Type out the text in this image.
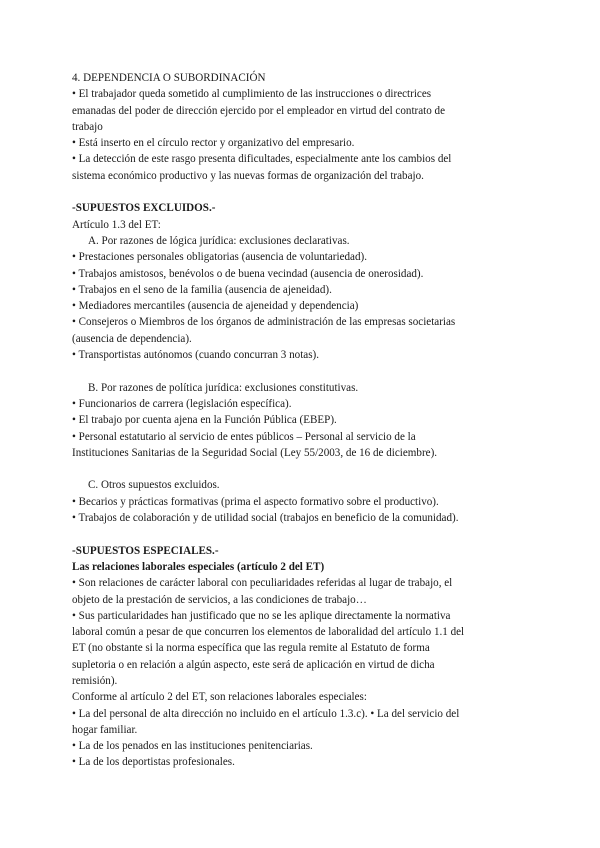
4. DEPENDENCIA O SUBORDINACIÓN
• El trabajador queda sometido al cumplimiento de las instrucciones o directrices
emanadas del poder de dirección ejercido por el empleador en virtud del contrato de
trabajo
• Está inserto en el círculo rector y organizativo del empresario.
• La detección de este rasgo presenta dificultades, especialmente ante los cambios del
sistema económico productivo y las nuevas formas de organización del trabajo.
-SUPUESTOS EXCLUIDOS.-
Artículo 1.3 del ET:
A. Por razones de lógica jurídica: exclusiones declarativas.
• Prestaciones personales obligatorias (ausencia de voluntariedad).
• Trabajos amistosos, benévolos o de buena vecindad (ausencia de onerosidad).
• Trabajos en el seno de la familia (ausencia de ajeneidad).
• Mediadores mercantiles (ausencia de ajeneidad y dependencia)
• Consejeros o Miembros de los órganos de administración de las empresas societarias
(ausencia de dependencia).
• Transportistas autónomos (cuando concurran 3 notas).
B. Por razones de política jurídica: exclusiones constitutivas.
• Funcionarios de carrera (legislación específica).
• El trabajo por cuenta ajena en la Función Pública (EBEP).
• Personal estatutario al servicio de entes públicos – Personal al servicio de la
Instituciones Sanitarias de la Seguridad Social (Ley 55/2003, de 16 de diciembre).
C. Otros supuestos excluidos.
• Becarios y prácticas formativas (prima el aspecto formativo sobre el productivo).
• Trabajos de colaboración y de utilidad social (trabajos en beneficio de la comunidad).
-SUPUESTOS ESPECIALES.-
Las relaciones laborales especiales (artículo 2 del ET)
• Son relaciones de carácter laboral con peculiaridades referidas al lugar de trabajo, el
objeto de la prestación de servicios, a las condiciones de trabajo…
• Sus particularidades han justificado que no se les aplique directamente la normativa
laboral común a pesar de que concurren los elementos de laboralidad del artículo 1.1 del
ET (no obstante si la norma específica que las regula remite al Estatuto de forma
supletoria o en relación a algún aspecto, este será de aplicación en virtud de dicha
remisión).
Conforme al artículo 2 del ET, son relaciones laborales especiales:
• La del personal de alta dirección no incluido en el artículo 1.3.c). • La del servicio del
hogar familiar.
• La de los penados en las instituciones penitenciarias.
• La de los deportistas profesionales.
